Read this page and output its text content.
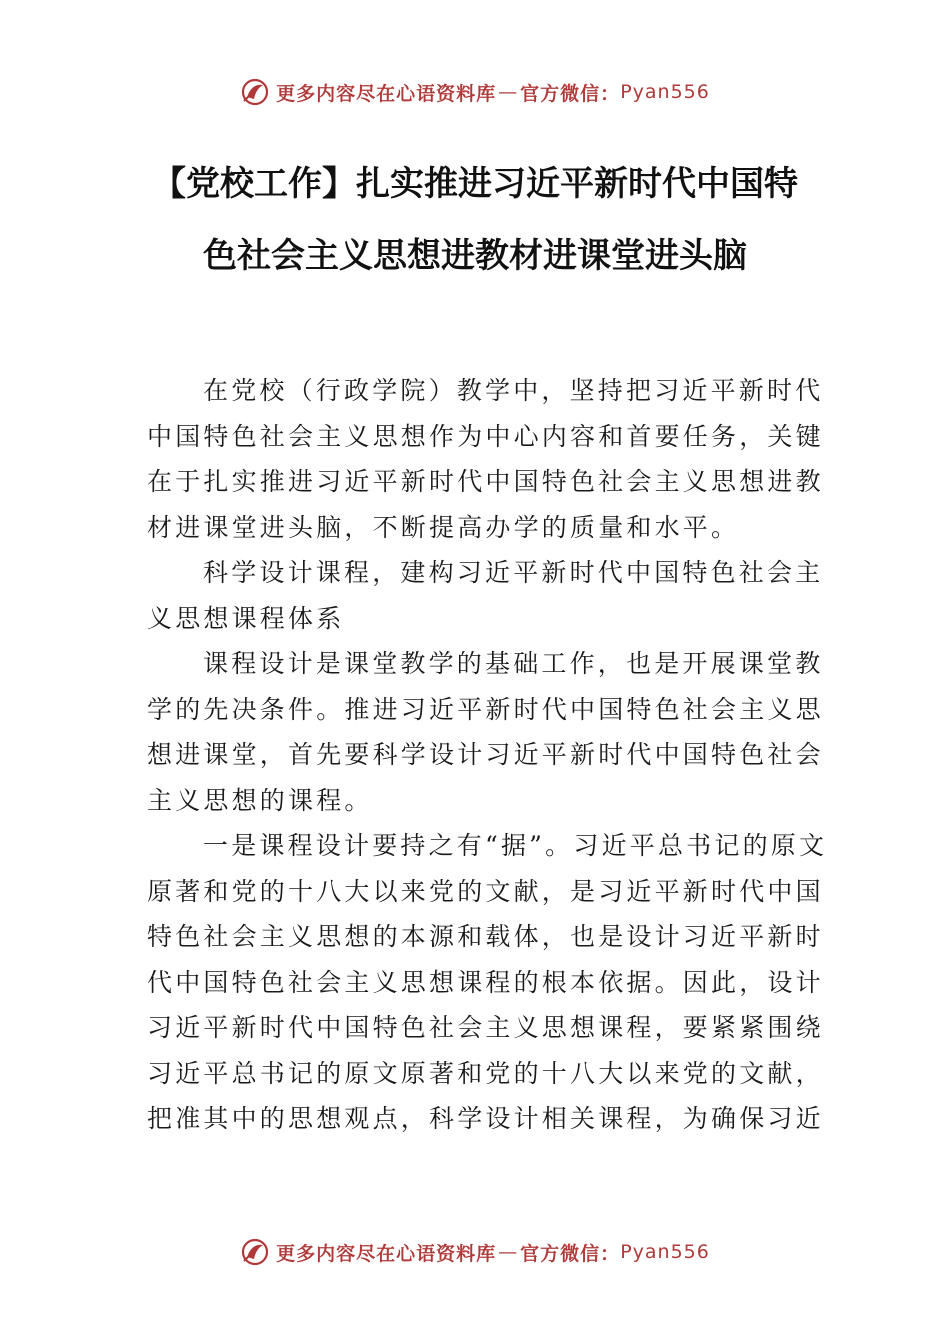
更多内容尽在心语资料库 — 官方微信： Pyan556
【党校工作】扎实推进习近平新时代中国特
色社会主义思想进教材进课堂进头脑

在党校（行政学院）教学中，坚持把习近平新时代
中国特色社会主义思想作为中心内容和首要任务，关键
在于扎实推进习近平新时代中国特色社会主义思想进教
材进课堂进头脑，不断提高办学的质量和水平。

科学设计课程，建构习近平新时代中国特色社会主
义思想课程体系

课程设计是课堂教学的基础工作，也是开展课堂教
学的先决条件。推进习近平新时代中国特色社会主义思
想进课堂，首先要科学设计习近平新时代中国特色社会
主义思想的课程。

一是课程设计要持之有“据”。习近平总书记的原文
原著和党的十八大以来党的文献，是习近平新时代中国
特色社会主义思想的本源和载体，也是设计习近平新时
代中国特色社会主义思想课程的根本依据。因此，设计
习近平新时代中国特色社会主义思想课程，要紧紧围绕
习近平总书记的原文原著和党的十八大以来党的文献，
把准其中的思想观点，科学设计相关课程，为确保习近

更多内容尽在心语资料库 — 官方微信： Pyan556
